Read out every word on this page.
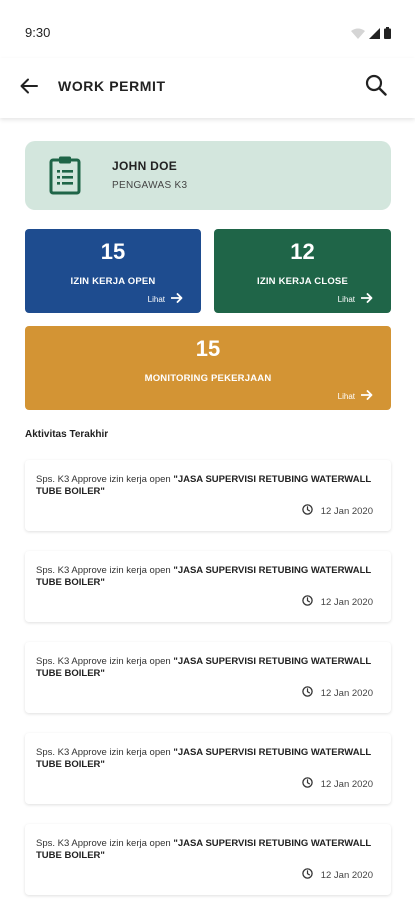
9:30
WORK PERMIT
JOHN DOE
PENGAWAS K3
15
IZIN KERJA OPEN
Lihat
12
IZIN KERJA CLOSE
Lihat
15
MONITORING PEKERJAAN
Lihat
Aktivitas Terakhir
Sps. K3 Approve izin kerja open "JASA SUPERVISI RETUBING WATERWALL TUBE BOILER"
12 Jan 2020
Sps. K3 Approve izin kerja open "JASA SUPERVISI RETUBING WATERWALL TUBE BOILER"
12 Jan 2020
Sps. K3 Approve izin kerja open "JASA SUPERVISI RETUBING WATERWALL TUBE BOILER"
12 Jan 2020
Sps. K3 Approve izin kerja open "JASA SUPERVISI RETUBING WATERWALL TUBE BOILER"
12 Jan 2020
Sps. K3 Approve izin kerja open "JASA SUPERVISI RETUBING WATERWALL TUBE BOILER"
12 Jan 2020
